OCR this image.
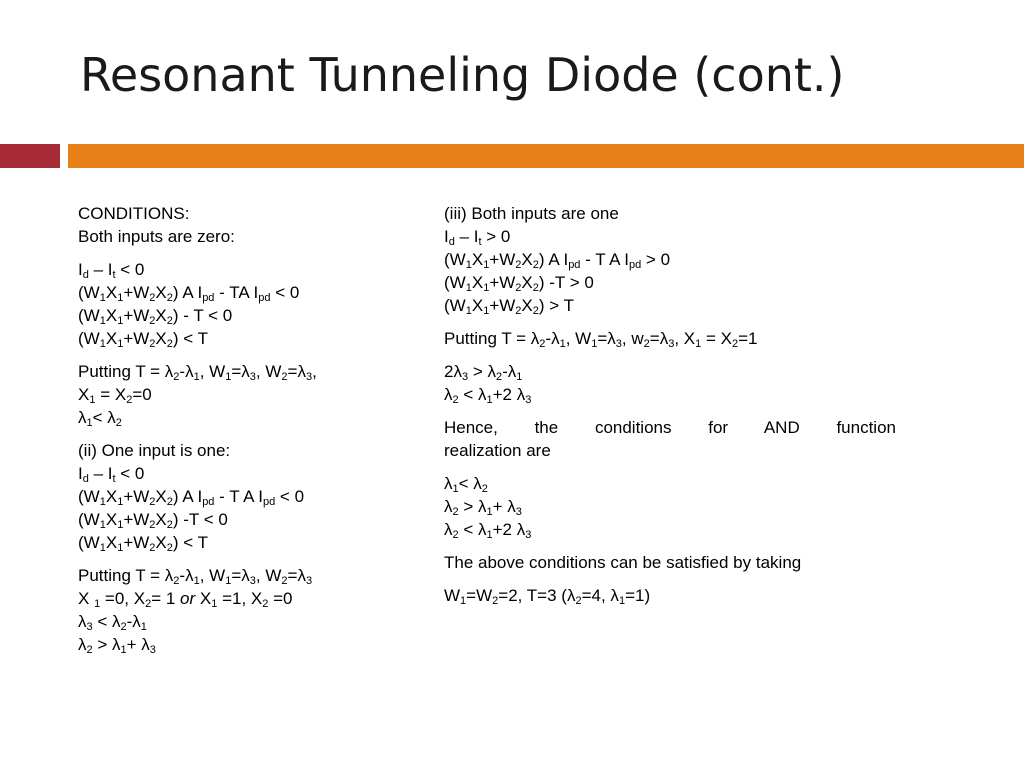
Resonant Tunneling Diode (cont.)
CONDITIONS:
Both inputs are zero:
$I_d - I_t < 0$
$(W_1X_1+W_2X_2)$ A $I_{pd}$ - TA $I_{pd} < 0$
$(W_1X_1+W_2X_2) - T < 0$
$(W_1X_1+W_2X_2) < T$
Putting $T = \lambda_2-\lambda_1$, $W_1=\lambda_3$, $W_2=\lambda_3$,
$X_1 = X_2=0$
$\lambda_1< \lambda_2$
(ii) One input is one:
$I_d - I_t < 0$
$(W_1X_1+W_2X_2)$ A $I_{pd}$ - T A $I_{pd} < 0$
$(W_1X_1+W_2X_2) -T < 0$
$(W_1X_1+W_2X_2) < T$
Putting $T = \lambda_2-\lambda_1$, $W_1=\lambda_3$, $W_2=\lambda_3$
X $_1$ =0, $X_2= 1$ or $X_1 =1$, $X_2 =0$
$\lambda_3 < \lambda_2-\lambda_1$
$\lambda_2 > \lambda_1+ \lambda_3$
(iii) Both inputs are one
$I_d - I_t > 0$
$(W_1X_1+W_2X_2)$ A $I_{pd}$ - T A $I_{pd} > 0$
$(W_1X_1+W_2X_2) -T > 0$
$(W_1X_1+W_2X_2) > T$
Putting $T = \lambda_2-\lambda_1$, $W_1=\lambda_3$, $w_2=\lambda_3$, $X_1 = X_2=1$
$2\lambda_3 > \lambda_2-\lambda_1$
$\lambda_2 < \lambda_1+2$ $\lambda_3$
Hence, the conditions for AND function
realization are
$\lambda_1< \lambda_2$
$\lambda_2 > \lambda_1+ \lambda_3$
$\lambda_2 < \lambda_1+2$ $\lambda_3$
The above conditions can be satisfied by taking
$W_1=W_2=2$, T=3 ($\lambda_2=4$, $\lambda_1=1$)
